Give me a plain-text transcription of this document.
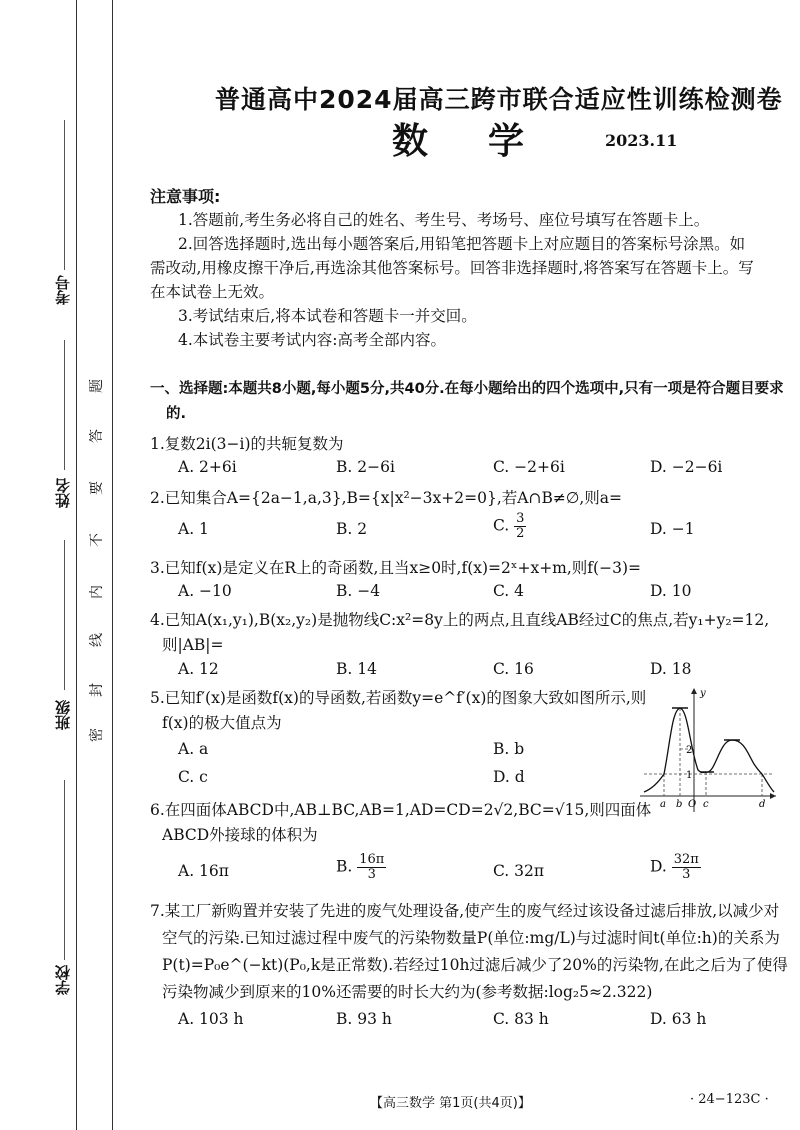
考号
姓名
班级
学校
密
封
线
内
不
要
答
题
普通高中2024届高三跨市联合适应性训练检测卷
数学 2023.11
注意事项:
1.答题前,考生务必将自己的姓名、考生号、考场号、座位号填写在答题卡上。
2.回答选择题时,选出每小题答案后,用铅笔把答题卡上对应题目的答案标号涂黑。如需改动,用橡皮擦干净后,再选涂其他答案标号。回答非选择题时,将答案写在答题卡上。写在本试卷上无效。
3.考试结束后,将本试卷和答题卡一并交回。
4.本试卷主要考试内容:高考全部内容。
一、选择题:本题共8小题,每小题5分,共40分.在每小题给出的四个选项中,只有一项是符合题目要求的.
1.复数2i(3−i)的共轭复数为
A. 2+6i	B. 2−6i	C. −2+6i	D. −2−6i
2.已知集合A={2a−1,a,3},B={x|x²−3x+2=0},若A∩B≠∅,则a=
A. 1	B. 2	C. $\frac{3}{2}$	D. −1
3.已知f(x)是定义在R上的奇函数,且当x≥0时,f(x)=2ˣ+x+m,则f(−3)=
A. −10	B. −4	C. 4	D. 10
4.已知A(x₁,y₁),B(x₂,y₂)是抛物线C:x²=8y上的两点,且直线AB经过C的焦点,若y₁+y₂=12,则|AB|=
A. 12	B. 14	C. 16	D. 18
5.已知f′(x)是函数f(x)的导函数,若函数y=e^f′(x)的图象大致如图所示,则f(x)的极大值点为
A. a	B. b
C. c	D. d
y
2
1
a b O c	d
6.在四面体ABCD中,AB⊥BC,AB=1,AD=CD=2√2,BC=√15,则四面体ABCD外接球的体积为
A. 16π	B. $\frac{16\pi}{3}$	C. 32π	D. $\frac{32\pi}{3}$
7.某工厂新购置并安装了先进的废气处理设备,使产生的废气经过该设备过滤后排放,以减少对空气的污染.已知过滤过程中废气的污染物数量P(单位:mg/L)与过滤时间t(单位:h)的关系为P(t)=P₀e^(−kt)(P₀,k是正常数).若经过10h过滤后减少了20%的污染物,在此之后为了使得污染物减少到原来的10%还需要的时长大约为(参考数据:log₂5≈2.322)
A. 103 h	B. 93 h	C. 83 h	D. 63 h
【高三数学 第1页(共4页)】	· 24−123C ·
